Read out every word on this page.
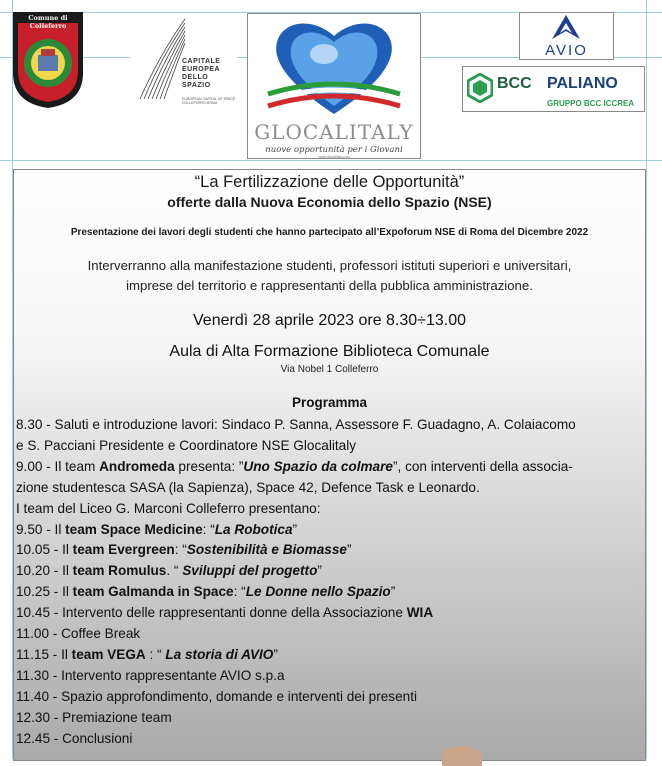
Comune di Colleferro
CAPITALE
EUROPEA
DELLO
SPAZIO
EUROPEAN CAPITAL OF SPACE · COLLEFERRO-ROMA
GLOCALITALY
nuove opportunità per i Giovani
www.glocalitaly.com
AVIO
BCC PALIANO
GRUPPO BCC ICCREA
“La Fertilizzazione delle Opportunità”
offerte dalla Nuova Economia dello Spazio (NSE)
Presentazione dei lavori degli studenti che hanno partecipato all’Expoforum NSE di Roma del Dicembre 2022
Interverranno alla manifestazione studenti, professori istituti superiori e universitari,
imprese del territorio e rappresentanti della pubblica amministrazione.
Venerdì 28 aprile 2023 ore 8.30÷13.00
Aula di Alta Formazione Biblioteca Comunale
Via Nobel 1 Colleferro
Programma
8.30 - Saluti e introduzione lavori: Sindaco P. Sanna, Assessore F. Guadagno, A. Colaiacomo
e S. Pacciani Presidente e Coordinatore NSE Glocalitaly
9.00 - Il team Andromeda presenta: ”Uno Spazio da colmare”, con interventi della associa-
zione studentesca SASA (la Sapienza), Space 42, Defence Task e Leonardo.
I team del Liceo G. Marconi Colleferro presentano:
9.50 - Il team Space Medicine: “La Robotica”
10.05 - Il team Evergreen: “Sostenibilità e Biomasse”
10.20 - Il team Romulus. “ Sviluppi del progetto”
10.25 - Il team Galmanda in Space: “Le Donne nello Spazio”
10.45 - Intervento delle rappresentanti donne della Associazione WIA
11.00 - Coffee Break
11.15 - Il team VEGA : “ La storia di AVIO”
11.30 - Intervento rappresentante AVIO s.p.a
11.40 - Spazio approfondimento, domande e interventi dei presenti
12.30 - Premiazione team
12.45 - Conclusioni
